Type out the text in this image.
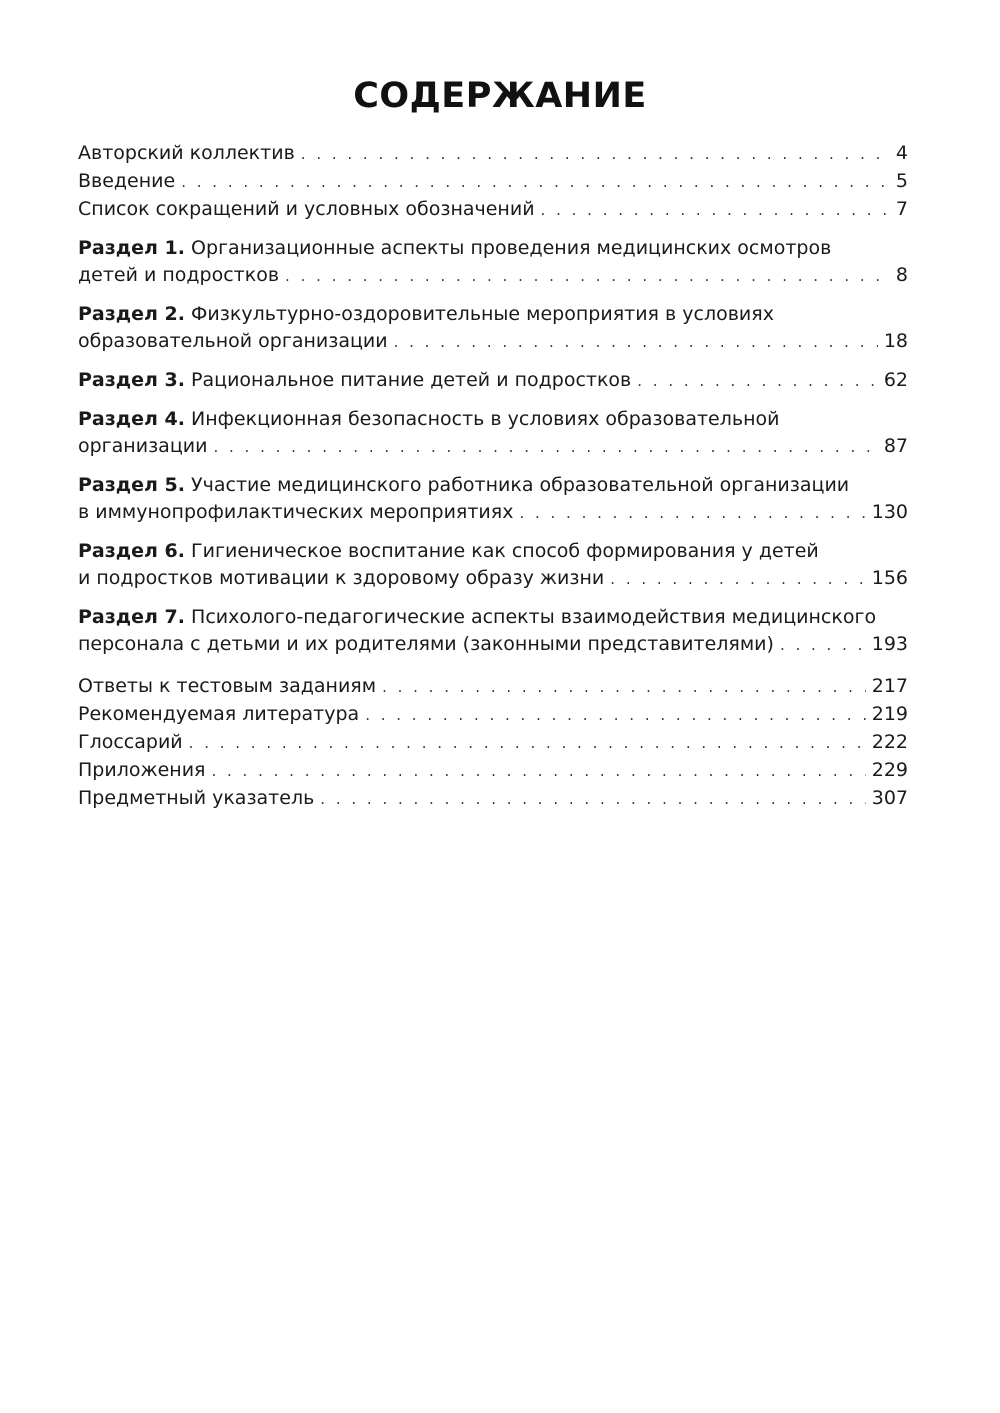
СОДЕРЖАНИЕ
Авторский коллектив . . .	4
Введение . . .	5
Список сокращений и условных обозначений . . .	7
Раздел 1. Организационные аспекты проведения медицинских осмотров
детей и подростков . . .	8
Раздел 2. Физкультурно-оздоровительные мероприятия в условиях
образовательной организации . . .	18
Раздел 3. Рациональное питание детей и подростков . . .	62
Раздел 4. Инфекционная безопасность в условиях образовательной
организации . . .	87
Раздел 5. Участие медицинского работника образовательной организации
в иммунопрофилактических мероприятиях . . .	130
Раздел 6. Гигиеническое воспитание как способ формирования у детей
и подростков мотивации к здоровому образу жизни . . .	156
Раздел 7. Психолого-педагогические аспекты взаимодействия медицинского
персонала с детьми и их родителями (законными представителями) . . .	193
Ответы к тестовым заданиям . . .	217
Рекомендуемая литература . . .	219
Глоссарий . . .	222
Приложения . . .	229
Предметный указатель . . .	307
